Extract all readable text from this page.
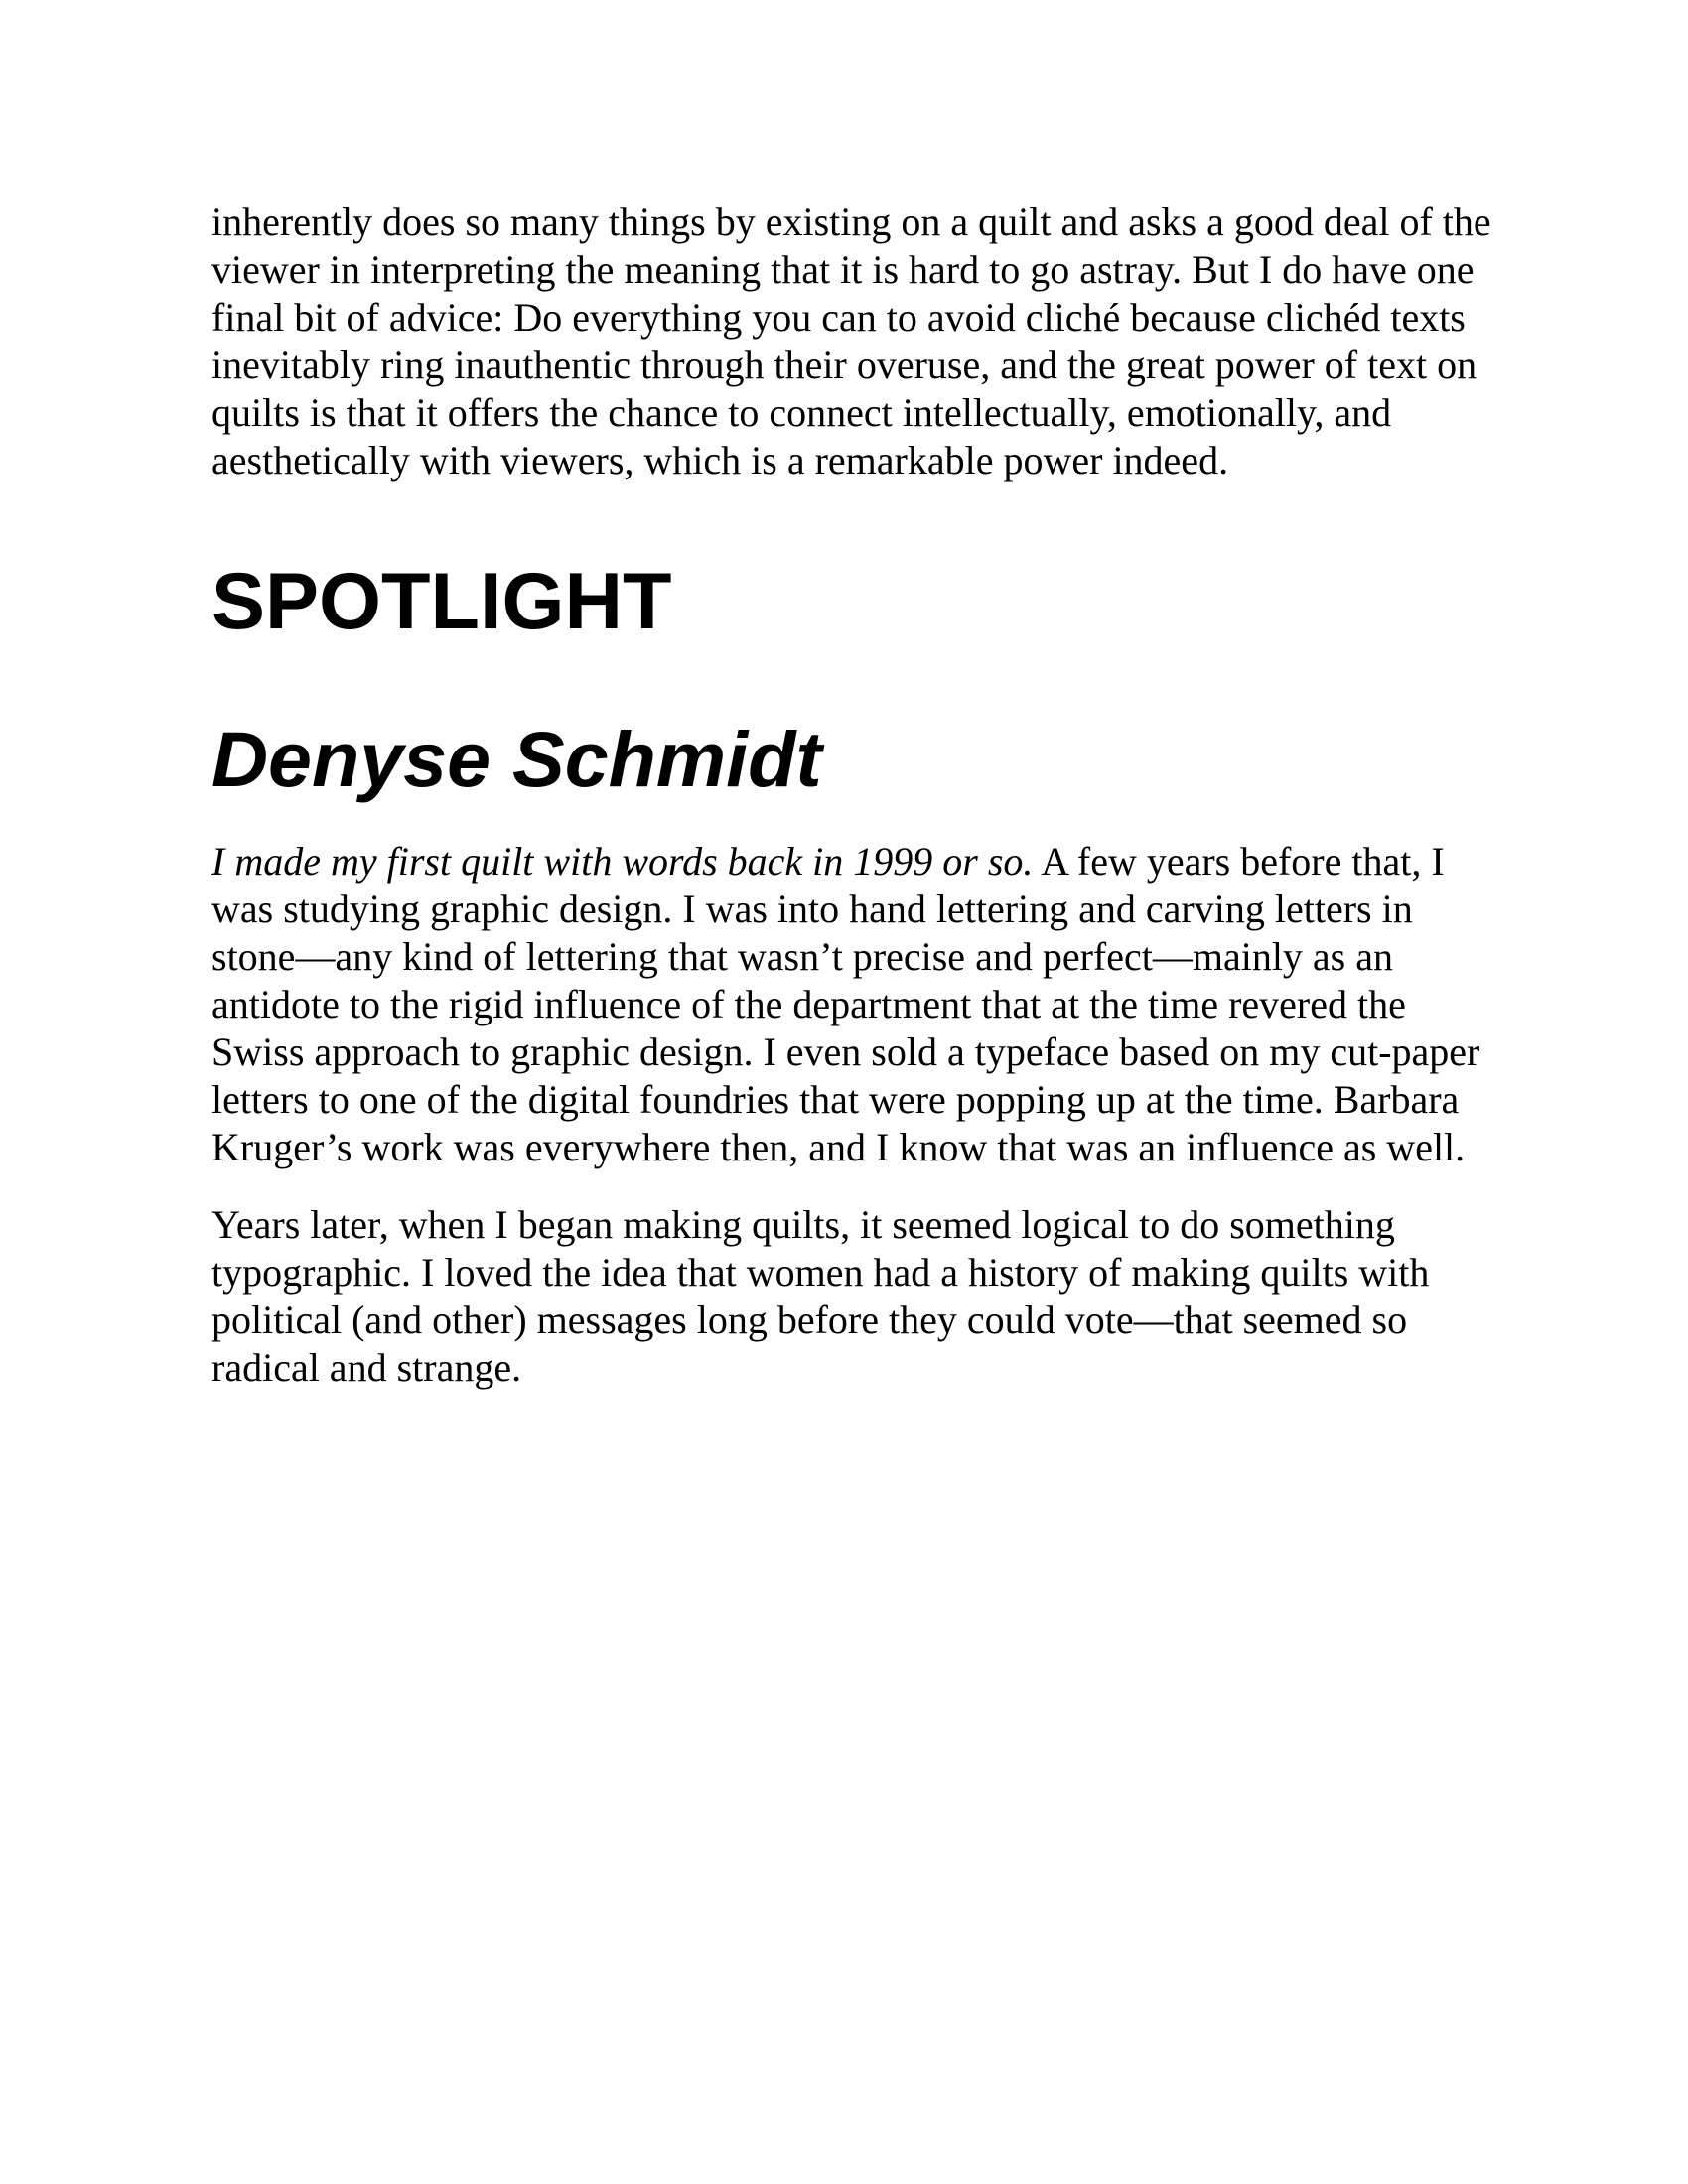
inherently does so many things by existing on a quilt and asks a good deal of the viewer in interpreting the meaning that it is hard to go astray. But I do have one final bit of advice: Do everything you can to avoid cliché because clichéd texts inevitably ring inauthentic through their overuse, and the great power of text on quilts is that it offers the chance to connect intellectually, emotionally, and aesthetically with viewers, which is a remarkable power indeed.

SPOTLIGHT
Denyse Schmidt

I made my first quilt with words back in 1999 or so. A few years before that, I was studying graphic design. I was into hand lettering and carving letters in stone—any kind of lettering that wasn’t precise and perfect—mainly as an antidote to the rigid influence of the department that at the time revered the Swiss approach to graphic design. I even sold a typeface based on my cut-paper letters to one of the digital foundries that were popping up at the time. Barbara Kruger’s work was everywhere then, and I know that was an influence as well.

Years later, when I began making quilts, it seemed logical to do something typographic. I loved the idea that women had a history of making quilts with political (and other) messages long before they could vote—that seemed so radical and strange.
